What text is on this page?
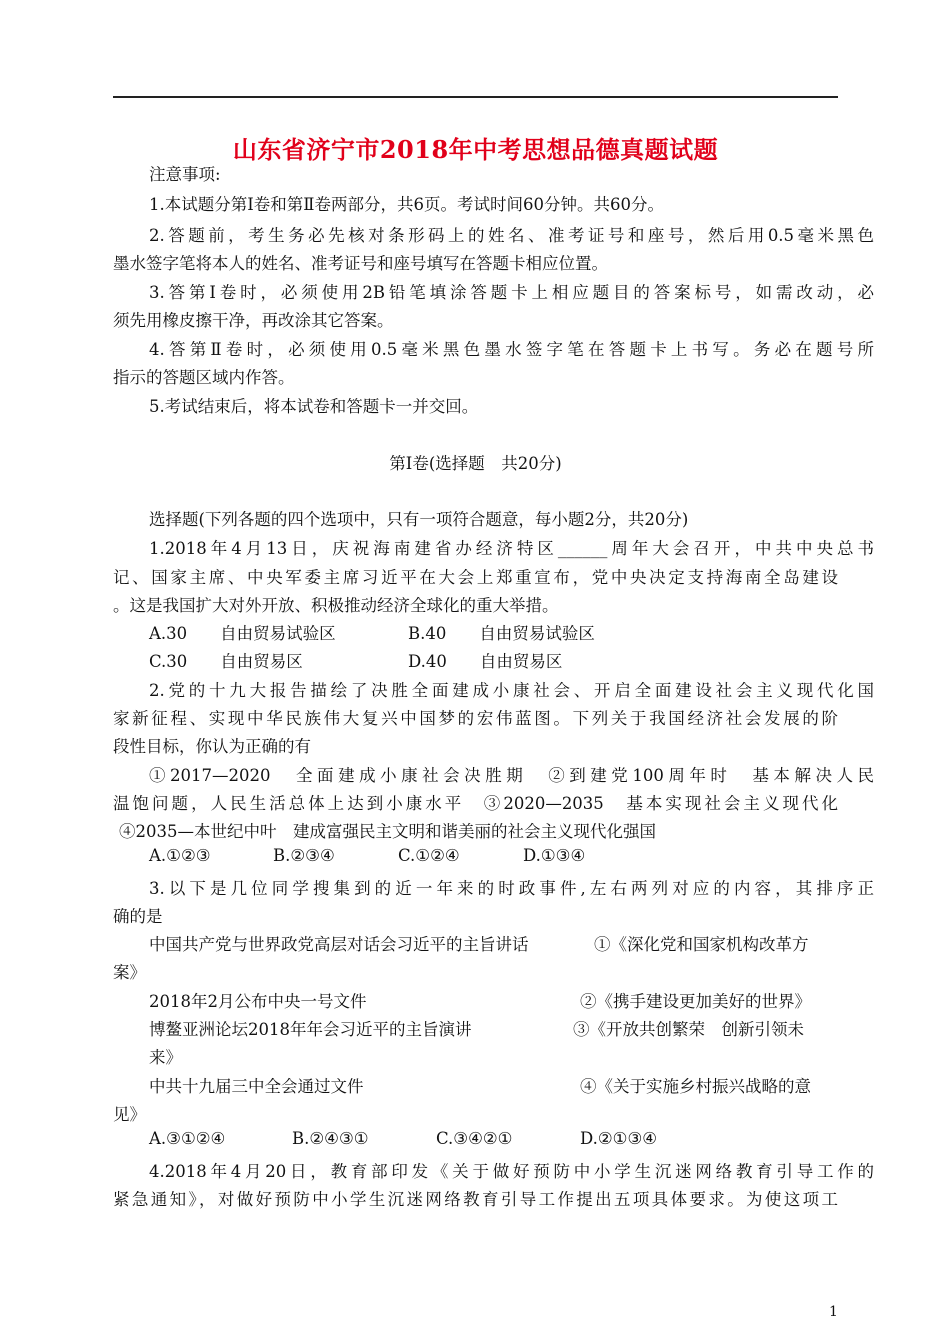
山东省济宁市2018年中考思想品德真题试题
注意事项:
1.本试题分第Ⅰ卷和第Ⅱ卷两部分，共6页。考试时间60分钟。共60分。
2.答题前，考生务必先核对条形码上的姓名、准考证号和座号，然后用0.5毫米黑色
墨水签字笔将本人的姓名、准考证号和座号填写在答题卡相应位置。
3.答第Ⅰ卷时，必须使用2B铅笔填涂答题卡上相应题目的答案标号，如需改动，必
须先用橡皮擦干净，再改涂其它答案。
4.答第Ⅱ卷时，必须使用0.5毫米黑色墨水签字笔在答题卡上书写。务必在题号所
指示的答题区域内作答。
5.考试结束后，将本试卷和答题卡一并交回。
第Ⅰ卷(选择题　共20分)
选择题(下列各题的四个选项中，只有一项符合题意，每小题2分，共20分)
1.2018年4月13日，庆祝海南建省办经济特区______周年大会召开，中共中央总书
记、国家主席、中央军委主席习近平在大会上郑重宣布，党中央决定支持海南全岛建设
。这是我国扩大对外开放、积极推动经济全球化的重大举措。
A.30　　自由贸易试验区	B.40　　自由贸易试验区
C.30　　自由贸易区	D.40　　自由贸易区
2.党的十九大报告描绘了决胜全面建成小康社会、开启全面建设社会主义现代化国
家新征程、实现中华民族伟大复兴中国梦的宏伟蓝图。下列关于我国经济社会发展的阶
段性目标，你认为正确的有
①2017—2020　全面建成小康社会决胜期　②到建党100周年时　基本解决人民
温饱问题，人民生活总体上达到小康水平　③2020—2035　基本实现社会主义现代化
④2035—本世纪中叶　建成富强民主文明和谐美丽的社会主义现代化强国
A.①②③	B.②③④	C.①②④	D.①③④
3.以下是几位同学搜集到的近一年来的时政事件,左右两列对应的内容，其排序正
确的是
中国共产党与世界政党高层对话会习近平的主旨讲话	①《深化党和国家机构改革方
案》
2018年2月公布中央一号文件	②《携手建设更加美好的世界》
博鳌亚洲论坛2018年年会习近平的主旨演讲	③《开放共创繁荣　创新引领未
来》
中共十九届三中全会通过文件	④《关于实施乡村振兴战略的意
见》
A.③①②④	B.②④③①	C.③④②①	D.②①③④
4.2018年4月20日，教育部印发《关于做好预防中小学生沉迷网络教育引导工作的
紧急通知》，对做好预防中小学生沉迷网络教育引导工作提出五项具体要求。为使这项工
1
